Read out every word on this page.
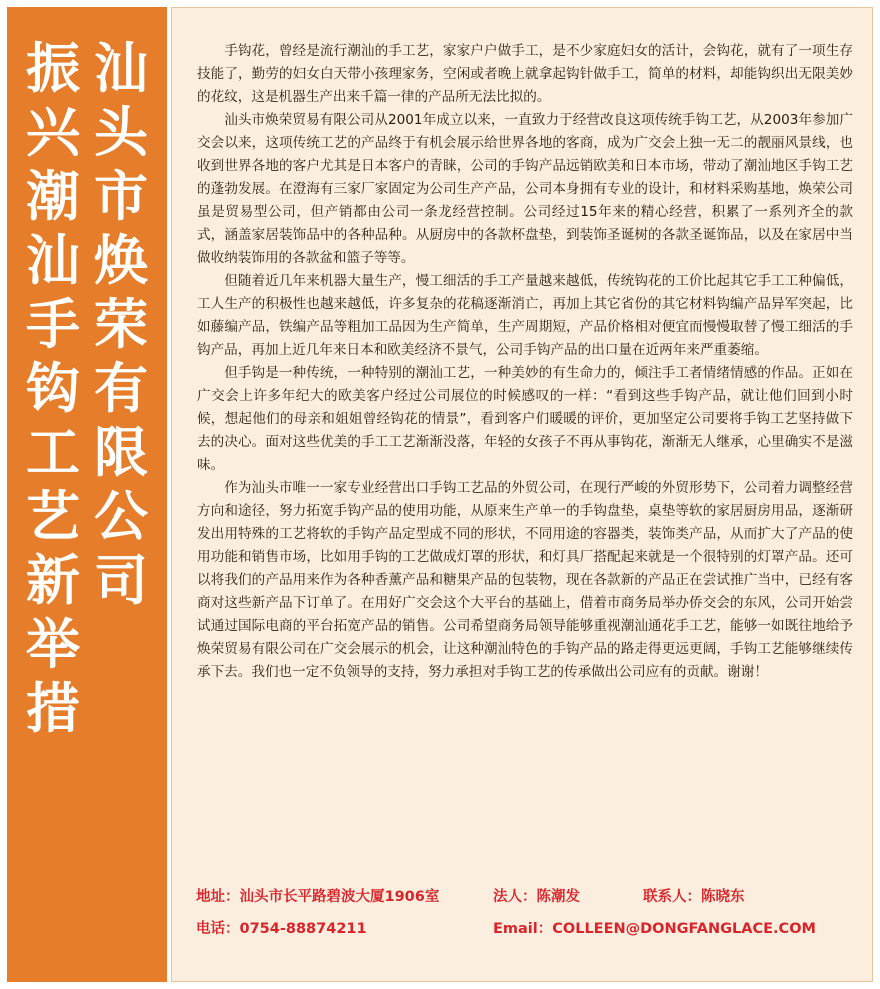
汕
头
市
焕
荣
有
限
公
司
振
兴
潮
汕
手
钩
工
艺
新
举
措

手钩花，曾经是流行潮汕的手工艺，家家户户做手工，是不少家庭妇女的活计，会钩花，就有了一项生存技能了，勤劳的妇女白天带小孩理家务，空闲或者晚上就拿起钩针做手工，简单的材料，却能钩织出无限美妙的花纹，这是机器生产出来千篇一律的产品所无法比拟的。

汕头市焕荣贸易有限公司从2001年成立以来，一直致力于经营改良这项传统手钩工艺，从2003年参加广交会以来，这项传统工艺的产品终于有机会展示给世界各地的客商，成为广交会上独一无二的靓丽风景线，也收到世界各地的客户尤其是日本客户的青睐，公司的手钩产品远销欧美和日本市场，带动了潮汕地区手钩工艺的蓬勃发展。在澄海有三家厂家固定为公司生产产品，公司本身拥有专业的设计，和材料采购基地，焕荣公司虽是贸易型公司，但产销都由公司一条龙经营控制。公司经过15年来的精心经营，积累了一系列齐全的款式，涵盖家居装饰品中的各种品种。从厨房中的各款杯盘垫，到装饰圣诞树的各款圣诞饰品，以及在家居中当做收纳装饰用的各款盆和篮子等等。

但随着近几年来机器大量生产，慢工细活的手工产量越来越低，传统钩花的工价比起其它手工工种偏低，工人生产的积极性也越来越低，许多复杂的花稿逐渐消亡，再加上其它省份的其它材料钩编产品异军突起，比如藤编产品，铁编产品等粗加工品因为生产简单，生产周期短，产品价格相对便宜而慢慢取替了慢工细活的手钩产品，再加上近几年来日本和欧美经济不景气，公司手钩产品的出口量在近两年来严重萎缩。

但手钩是一种传统，一种特别的潮汕工艺，一种美妙的有生命力的，倾注手工者情绪情感的作品。正如在广交会上许多年纪大的欧美客户经过公司展位的时候感叹的一样：“看到这些手钩产品，就让他们回到小时候，想起他们的母亲和姐姐曾经钩花的情景”，看到客户们暖暖的评价，更加坚定公司要将手钩工艺坚持做下去的决心。面对这些优美的手工工艺渐渐没落，年轻的女孩子不再从事钩花，渐渐无人继承，心里确实不是滋味。

作为汕头市唯一一家专业经营出口手钩工艺品的外贸公司，在现行严峻的外贸形势下，公司着力调整经营方向和途径，努力拓宽手钩产品的使用功能，从原来生产单一的手钩盘垫，桌垫等软的家居厨房用品，逐渐研发出用特殊的工艺将软的手钩产品定型成不同的形状，不同用途的容器类，装饰类产品，从而扩大了产品的使用功能和销售市场，比如用手钩的工艺做成灯罩的形状，和灯具厂搭配起来就是一个很特别的灯罩产品。还可以将我们的产品用来作为各种香薰产品和糖果产品的包装物，现在各款新的产品正在尝试推广当中，已经有客商对这些新产品下订单了。在用好广交会这个大平台的基础上，借着市商务局举办侨交会的东风，公司开始尝试通过国际电商的平台拓宽产品的销售。公司希望商务局领导能够重视潮汕通花手工艺，能够一如既往地给予焕荣贸易有限公司在广交会展示的机会，让这种潮汕特色的手钩产品的路走得更远更阔，手钩工艺能够继续传承下去。我们也一定不负领导的支持，努力承担对手钩工艺的传承做出公司应有的贡献。谢谢！

地址：汕头市长平路碧波大厦1906室	法人：陈潮发	联系人：陈晓东
电话：0754-88874211	Email：COLLEEN@DONGFANGLACE.COM
